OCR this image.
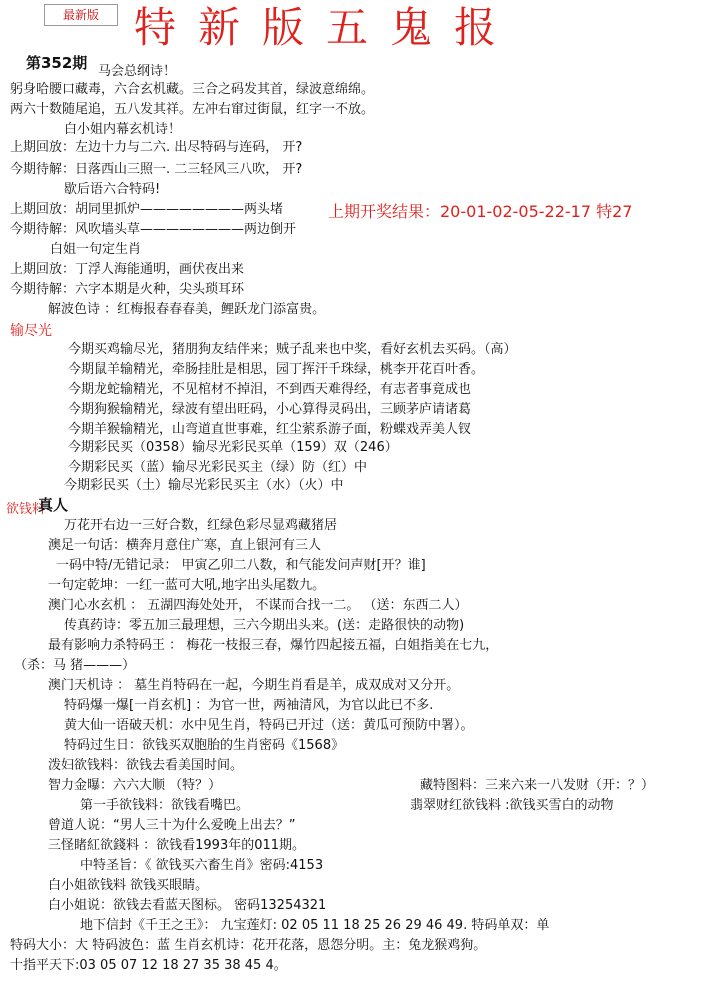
最新版 特新版五鬼报
第352期 马会总纲诗！
躬身哈腰口藏毒，六合玄机藏。三合之码发其首，绿波意绵绵。
两六十数随尾追，五八发其祥。左冲右窜过街鼠，红字一不放。
白小姐内幕玄机诗！
上期回放：左边十力与二六. 出尽特码与连码， 开?
今期待解：日落西山三照一. 二三轻风三八吹， 开?
歇后语六合特码!
上期回放：胡同里抓炉————————两头堵
今期待解：风吹墙头草————————两边倒开
白姐一句定生肖
上期回放：丁浮人海能通明，画伏夜出来
今期待解：六字本期是火种，尖头琐耳环
解波色诗 ：红梅报春春春美，鲤跃龙门添富贵。
上期开奖结果：20-01-02-05-22-17 特27
输尽光
今期买鸡输尽光，猪朋狗友结伴来；贼子乱来也中奖，看好玄机去买码。（高）
今期鼠羊输精光，牵肠挂肚是相思，园丁挥汗千珠绿，桃李开花百叶香。
今期龙蛇输精光，不见棺材不掉泪，不到西天难得经，有志者事竟成也
今期狗猴输精光，绿波有望出旺码，小心算得灵码出，三顾茅庐请诸葛
今期羊猴输精光，山弯道直世事难，红尘萦系游子面，粉蝶戏弄美人钗
今期彩民买（0358）输尽光彩民买单（159）双（246）
今期彩民买（蓝）输尽光彩民买主（绿）防（红）中
今期彩民买（土）输尽光彩民买主（水）（火）中
欲钱料
真人
万花开右边一三好合数，红绿色彩尽显鸡藏猪居
澳足一句话：横奔月意住广寒，直上银河有三人
一码中特/无错记录： 甲寅乙卯二八数，和气能发问声财[开？谁]
一句定乾坤：一红一蓝可大吼,地字出头尾数九。
澳门心水玄机 ： 五湖四海处处开， 不谋而合找一二。 （送：东西二人）
传真药诗：零五加三最理想，三六今期出头来。(送：走路很快的动物)
最有影响力杀特码王 ： 梅花一枝报三春，爆竹四起接五福，白姐指美在七九，
（杀：马 猪———）
澳门天机诗 ： 墓生肖特码在一起，今期生肖看是羊，成双成对又分开。
特码爆一爆[一肖玄机] ：为官一世，两袖清风，为官以此已不多.
黄大仙一语破天机：水中见生肖，特码已开过（送：黄瓜可预防中署）。
特码过生日：欲钱买双胞胎的生肖密码《1568》
泼妇欲钱料：欲钱去看美国时间。
智力金曝：六六大顺 （特？）	藏特图料：三来六来一八发财（开：？）
第一手欲钱料：欲钱看嘴巴。	翡翠财红欲钱料 :欲钱买雪白的动物
曾道人说：“男人三十为什么爱晚上出去？”
三怪睹紅欲錢料 ：欲钱看1993年的011期。
中特圣旨：《 欲钱买六畜生肖》密码:4153
白小姐欲钱料 欲钱买眼睛。
白小姐说：欲钱去看蓝天图标。 密码13254321
地下信封《千王之王》： 九宝莲灯: 02 05 11 18 25 26 29 46 49. 特码单双：单
特码大小：大 特码波色：蓝 生肖玄机诗：花开花落，恩怨分明。主：兔龙猴鸡狗。
十指平天下:03 05 07 12 18 27 35 38 45 4。
